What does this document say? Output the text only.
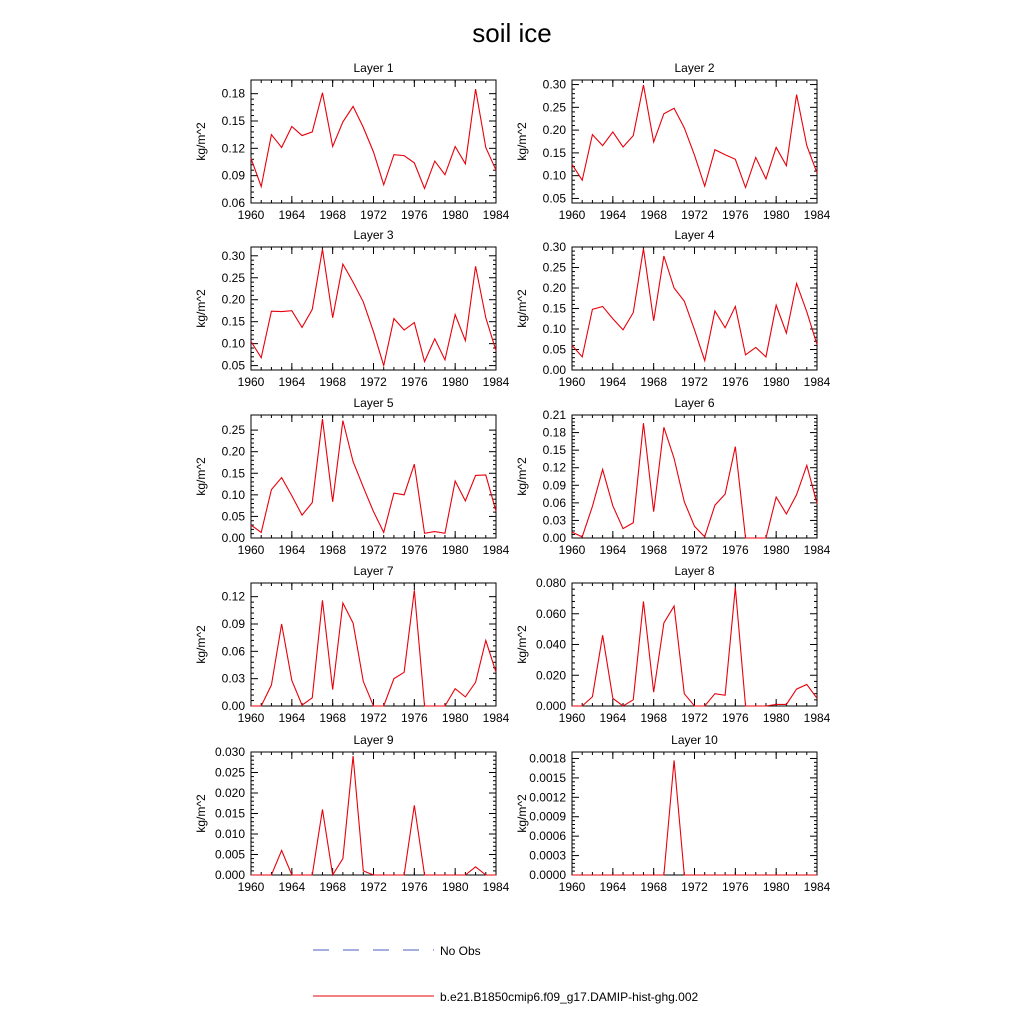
soil ice
Layer 1
kg/m^2
1960 1964 1968 1972 1976 1980 1984
0.06
0.09
0.12
0.15
0.18
Layer 2
kg/m^2
1960 1964 1968 1972 1976 1980 1984
0.05
0.10
0.15
0.20
0.25
0.30
Layer 3
kg/m^2
1960 1964 1968 1972 1976 1980 1984
0.05
0.10
0.15
0.20
0.25
0.30
Layer 4
kg/m^2
1960 1964 1968 1972 1976 1980 1984
0.00
0.05
0.10
0.15
0.20
0.25
0.30
Layer 5
kg/m^2
1960 1964 1968 1972 1976 1980 1984
0.00
0.05
0.10
0.15
0.20
0.25
Layer 6
kg/m^2
1960 1964 1968 1972 1976 1980 1984
0.00
0.03
0.06
0.09
0.12
0.15
0.18
0.21
Layer 7
kg/m^2
1960 1964 1968 1972 1976 1980 1984
0.00
0.03
0.06
0.09
0.12
Layer 8
kg/m^2
1960 1964 1968 1972 1976 1980 1984
0.000
0.020
0.040
0.060
0.080
Layer 9
kg/m^2
1960 1964 1968 1972 1976 1980 1984
0.000
0.005
0.010
0.015
0.020
0.025
0.030
Layer 10
kg/m^2
1960 1964 1968 1972 1976 1980 1984
0.0000
0.0003
0.0006
0.0009
0.0012
0.0015
0.0018
No Obs
b.e21.B1850cmip6.f09_g17.DAMIP-hist-ghg.002
